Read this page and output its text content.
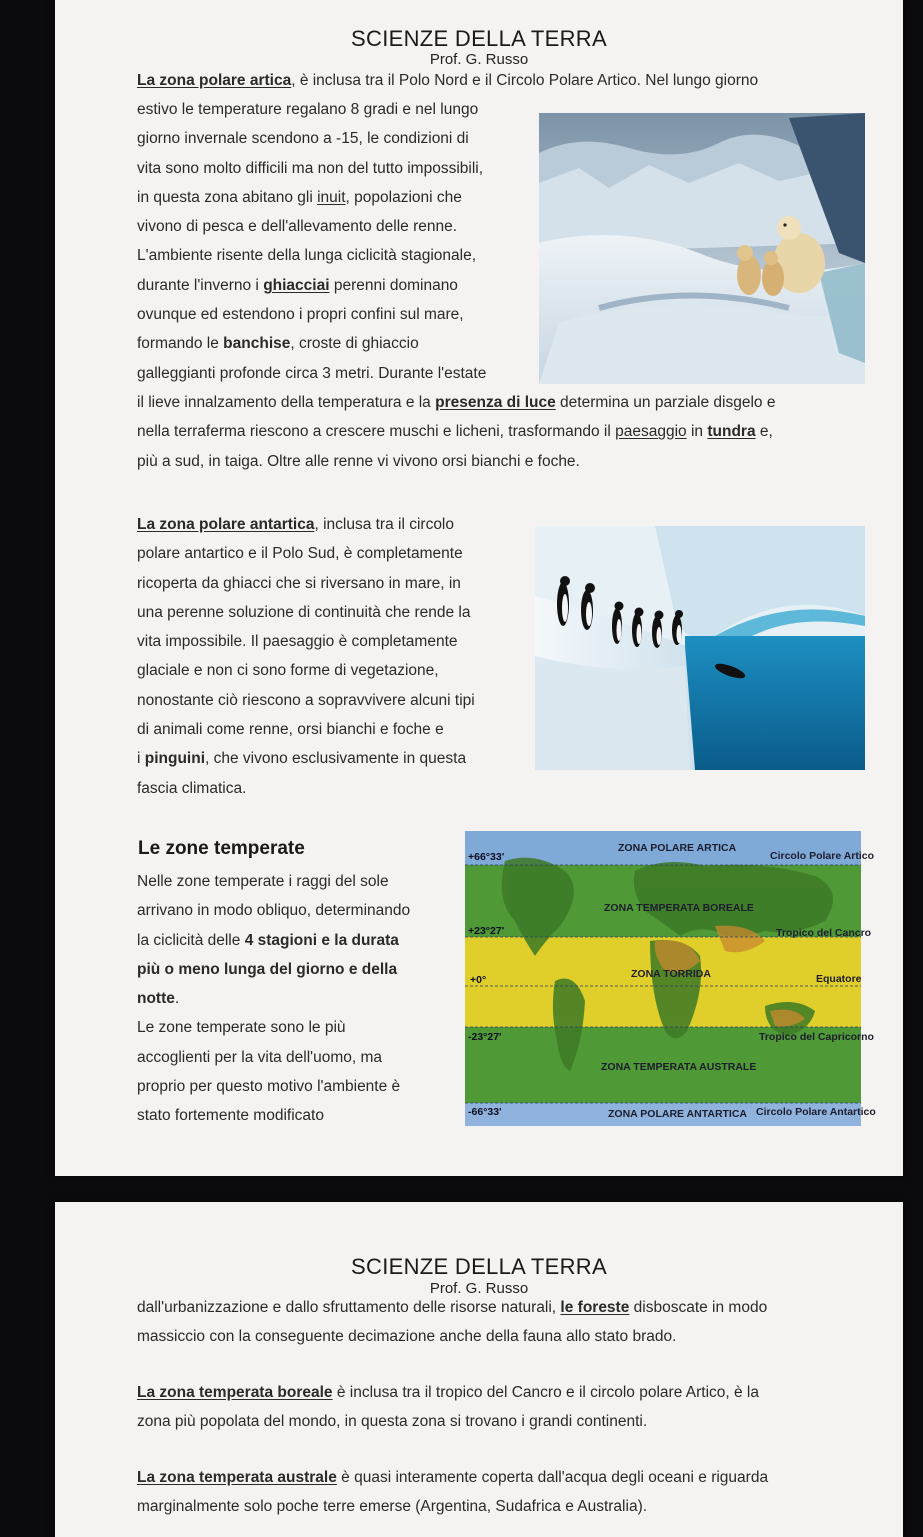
SCIENZE DELLA TERRA
Prof. G. Russo
La zona polare artica, è inclusa tra il Polo Nord e il Circolo Polare Artico. Nel lungo giorno
estivo le temperature regalano 8 gradi e nel lungo
giorno invernale scendono a -15, le condizioni di
vita sono molto difficili ma non del tutto impossibili,
in questa zona abitano gli inuit, popolazioni che
vivono di pesca e dell'allevamento delle renne.
L'ambiente risente della lunga ciclicità stagionale,
durante l'inverno i ghiacciai perenni dominano
ovunque ed estendono i propri confini sul mare,
formando le banchise, croste di ghiaccio
galleggianti profonde circa 3 metri. Durante l'estate
il lieve innalzamento della temperatura e la presenza di luce determina un parziale disgelo e
nella terraferma riescono a crescere muschi e licheni, trasformando il paesaggio in tundra e,
più a sud, in taiga. Oltre alle renne vi vivono orsi bianchi e foche.
La zona polare antartica, inclusa tra il circolo
polare antartico e il Polo Sud, è completamente
ricoperta da ghiacci che si riversano in mare, in
una perenne soluzione di continuità che rende la
vita impossibile. Il paesaggio è completamente
glaciale e non ci sono forme di vegetazione,
nonostante ciò riescono a sopravvivere alcuni tipi
di animali come renne, orsi bianchi e foche e
i pinguini, che vivono esclusivamente in questa
fascia climatica.
Le zone temperate
Nelle zone temperate i raggi del sole
arrivano in modo obliquo, determinando
la ciclicità delle 4 stagioni e la durata
più o meno lunga del giorno e della
notte.
Le zone temperate sono le più
accoglienti per la vita dell'uomo, ma
proprio per questo motivo l'ambiente è
stato fortemente modificato
+66°33'
ZONA POLARE ARTICA
Circolo Polare Artico
ZONA TEMPERATA BOREALE
+23°27'	Tropico del Cancro
+0°	ZONA TORRIDA	Equatore
-23°27'	Tropico del Capricorno
ZONA TEMPERATA AUSTRALE
-66°33'	ZONA POLARE ANTARTICA Circolo Polare Antartico
SCIENZE DELLA TERRA
Prof. G. Russo
dall'urbanizzazione e dallo sfruttamento delle risorse naturali, le foreste disboscate in modo
massiccio con la conseguente decimazione anche della fauna allo stato brado.
La zona temperata boreale è inclusa tra il tropico del Cancro e il circolo polare Artico, è la
zona più popolata del mondo, in questa zona si trovano i grandi continenti.
La zona temperata australe è quasi interamente coperta dall'acqua degli oceani e riguarda
marginalmente solo poche terre emerse (Argentina, Sudafrica e Australia).
